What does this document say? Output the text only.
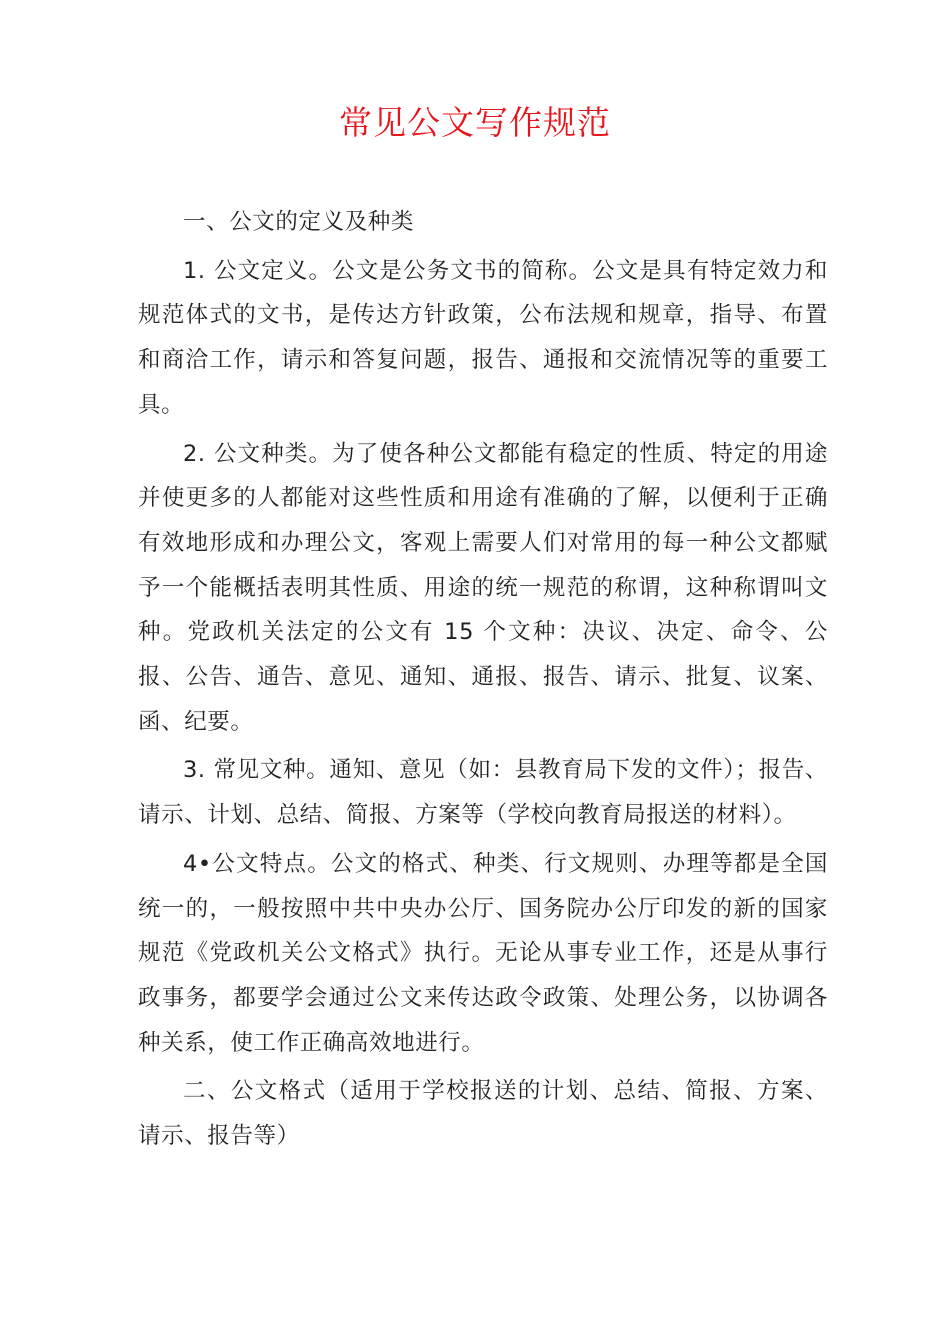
常见公文写作规范

一、公文的定义及种类

1. 公文定义。公文是公务文书的简称。公文是具有特定效力和规范体式的文书，是传达方针政策，公布法规和规章，指导、布置和商洽工作，请示和答复问题，报告、通报和交流情况等的重要工具。

2. 公文种类。为了使各种公文都能有稳定的性质、特定的用途并使更多的人都能对这些性质和用途有准确的了解，以便利于正确有效地形成和办理公文，客观上需要人们对常用的每一种公文都赋予一个能概括表明其性质、用途的统一规范的称谓，这种称谓叫文种。党政机关法定的公文有 15 个文种：决议、决定、命令、公报、公告、通告、意见、通知、通报、报告、请示、批复、议案、函、纪要。

3. 常见文种。通知、意见（如：县教育局下发的文件）；报告、请示、计划、总结、简报、方案等（学校向教育局报送的材料）。

4•公文特点。公文的格式、种类、行文规则、办理等都是全国统一的，一般按照中共中央办公厅、国务院办公厅印发的新的国家规范《党政机关公文格式》执行。无论从事专业工作，还是从事行政事务，都要学会通过公文来传达政令政策、处理公务，以协调各种关系，使工作正确高效地进行。

二、公文格式（适用于学校报送的计划、总结、简报、方案、请示、报告等）
